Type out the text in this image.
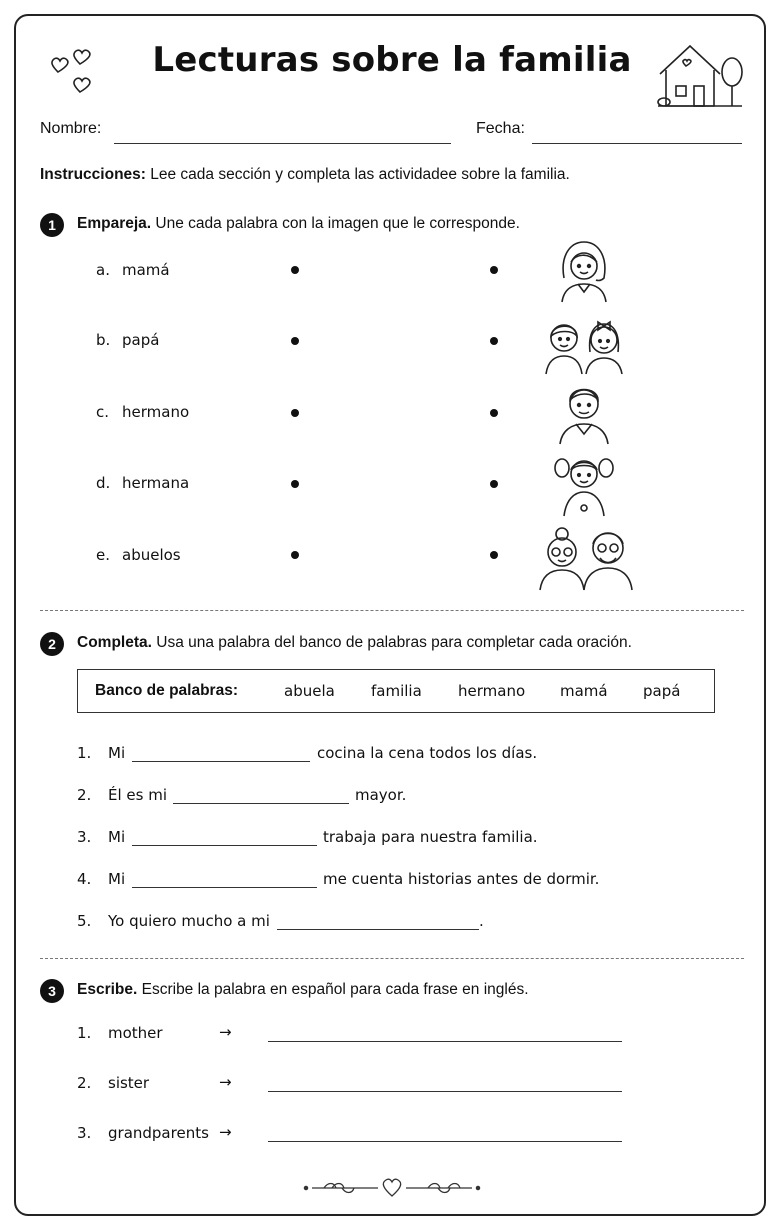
Lecturas sobre la familia
Nombre:	Fecha:
Instrucciones: Lee cada sección y completa las actividadee sobre la familia.
1	Empareja. Une cada palabra con la imagen que le corresponde.
a. mamá
b. papá
c. hermano
d. hermana
e. abuelos
2	Completa. Usa una palabra del banco de palabras para completar cada oración.
Banco de palabras:	abuela familia hermano mamá papá
1. Mi	cocina la cena todos los días.
2. Él es mi	mayor.
3. Mi	trabaja para nuestra familia.
4. Mi	me cuenta historias antes de dormir.
5. Yo quiero mucho a mi	.
3	Escribe. Escribe la palabra en español para cada frase en inglés.
1. mother	→
2. sister	→
3. grandparents →
